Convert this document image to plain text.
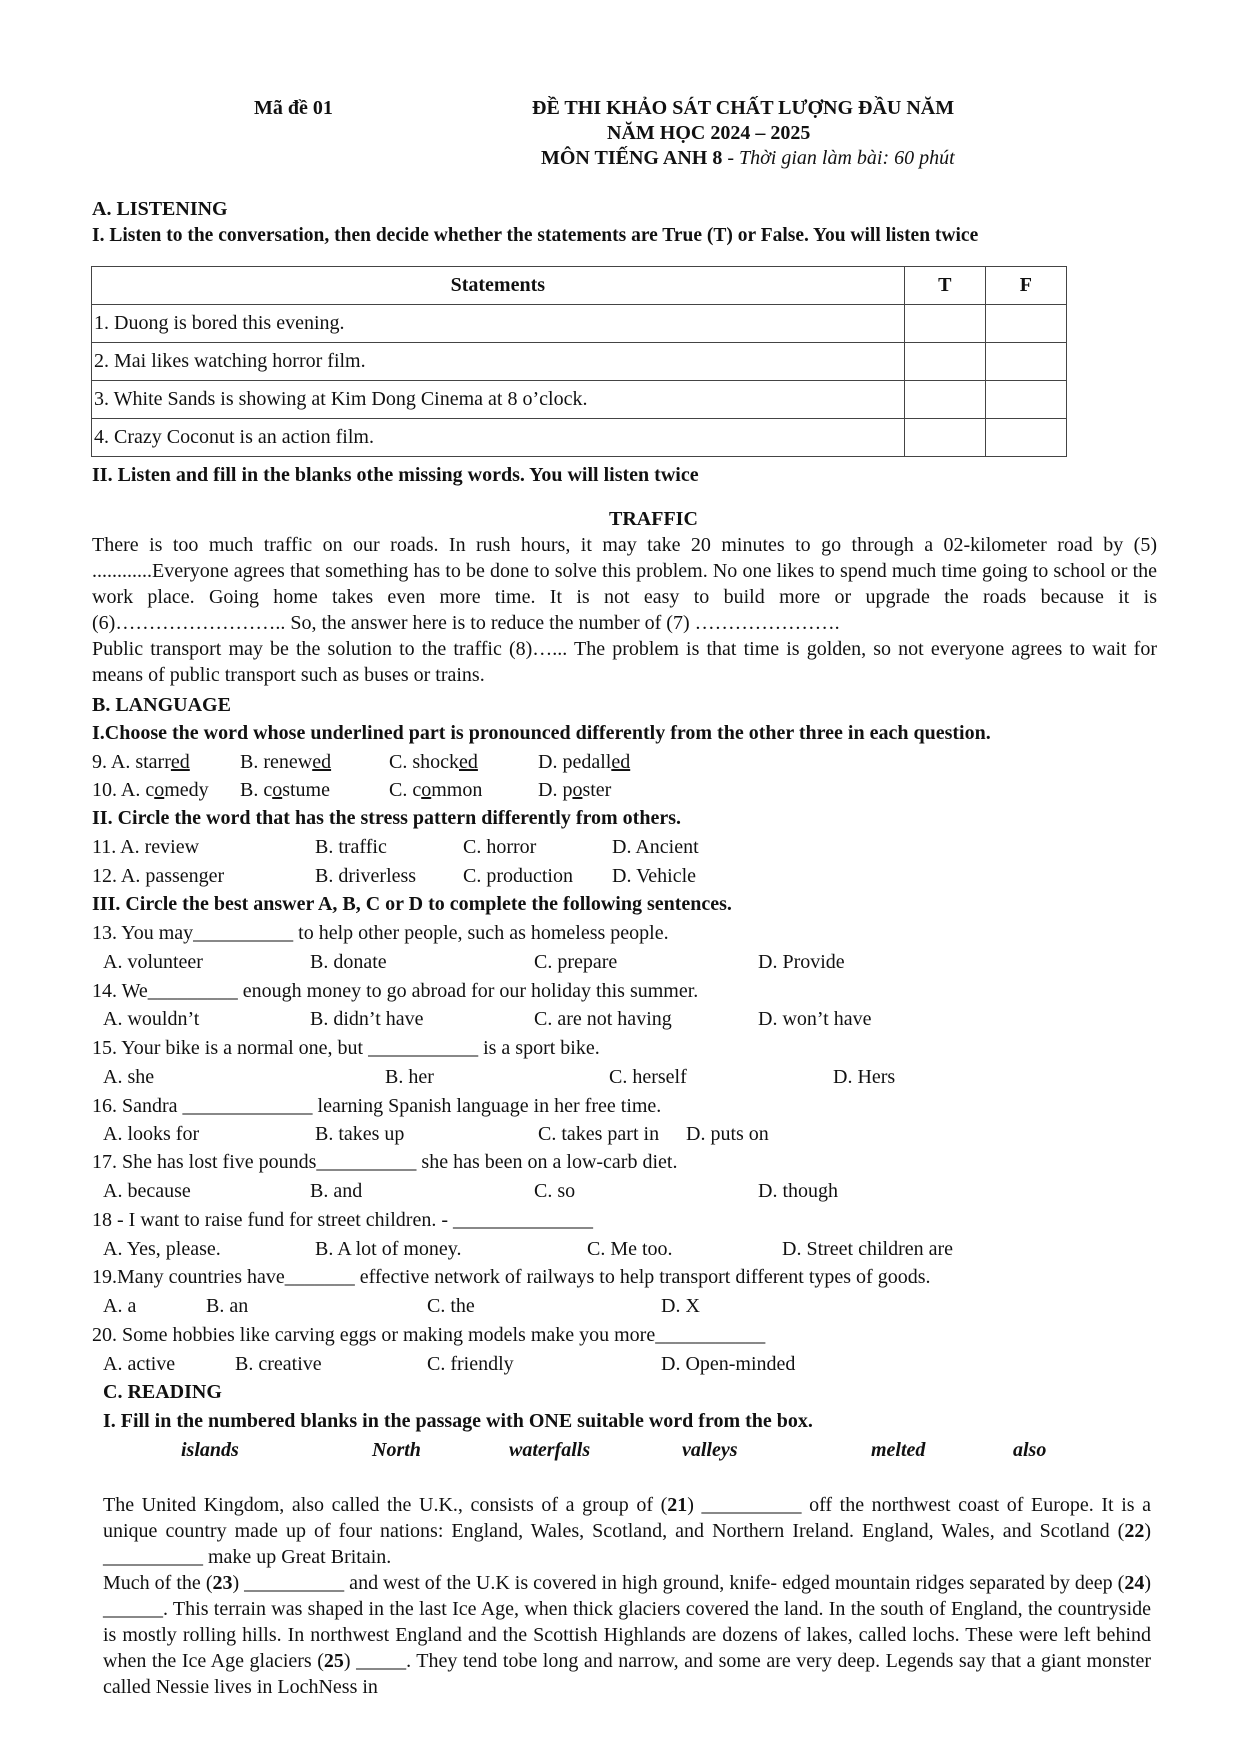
Mã đề 01	ĐỀ THI KHẢO SÁT CHẤT LƯỢNG ĐẦU NĂM
NĂM HỌC 2024 – 2025
MÔN TIẾNG ANH 8 - Thời gian làm bài: 60 phút
A. LISTENING
I. Listen to the conversation, then decide whether the statements are True (T) or False. You will listen twice
Statements	T	F
1. Duong is bored this evening.		
2. Mai likes watching horror film.		
3. White Sands is showing at Kim Dong Cinema at 8 o’clock.		
4. Crazy Coconut is an action film.		
II. Listen and fill in the blanks othe missing words. You will listen twice
TRAFFIC

There is too much traffic on our roads. In rush hours, it may take 20 minutes to go through a 02-kilometer road by (5) ............Everyone agrees that something has to be done to solve this problem. No one likes to spend much time going to school or the work place. Going home takes even more time. It is not easy to build more or upgrade the roads because it is (6)…………………….. So, the answer here is to reduce the number of (7) ………………….

Public transport may be the solution to the traffic (8)…... The problem is that time is golden, so not everyone agrees to wait for means of public transport such as buses or trains.

B. LANGUAGE
I.Choose the word whose underlined part is pronounced differently from the other three in each question.
9. A. starred	B. renewed	C. shocked	D. pedalled
10. A. comedy B. costume	C. common	D. poster
II. Circle the word that has the stress pattern differently from others.
11. A. review	B. traffic	C. horror	D. Ancient
12. A. passenger	B. driverless C. production D. Vehicle
III. Circle the best answer A, B, C or D to complete the following sentences.
13. You may__________ to help other people, such as homeless people.
A. volunteer	B. donate	C. prepare	D. Provide
14. We_________ enough money to go abroad for our holiday this summer.
A. wouldn’t	B. didn’t have	C. are not having	D. won’t have
15. Your bike is a normal one, but ___________ is a sport bike.
A. she	B. her	C. herself	D. Hers
16. Sandra _____________ learning Spanish language in her free time.
A. looks for	B. takes up	C. takes part in D. puts on
17. She has lost five pounds__________ she has been on a low-carb diet.
A. because	B. and	C. so	D. though
18 - I want to raise fund for street children. - ______________
A. Yes, please.	B. A lot of money.	C. Me too.	D. Street children are
19.Many countries have_______ effective network of railways to help transport different types of goods.
A. a	B. an	C. the	D. X
20. Some hobbies like carving eggs or making models make you more___________
A. active	B. creative	C. friendly	D. Open-minded
C. READING
I. Fill in the numbered blanks in the passage with ONE suitable word from the box.
islands	North	waterfalls	valleys	melted	also

The United Kingdom, also called the U.K., consists of a group of (21) __________ off the northwest coast of Europe. It is a unique country made up of four nations: England, Wales, Scotland, and Northern Ireland. England, Wales, and Scotland (22) __________ make up Great Britain.

Much of the (23) __________ and west of the U.K is covered in high ground, knife- edged mountain ridges separated by deep (24) ______. This terrain was shaped in the last Ice Age, when thick glaciers covered the land. In the south of England, the countryside is mostly rolling hills. In northwest England and the Scottish Highlands are dozens of lakes, called lochs. These were left behind when the Ice Age glaciers (25) _____. They tend tobe long and narrow, and some are very deep. Legends say that a giant monster called Nessie lives in LochNess in
